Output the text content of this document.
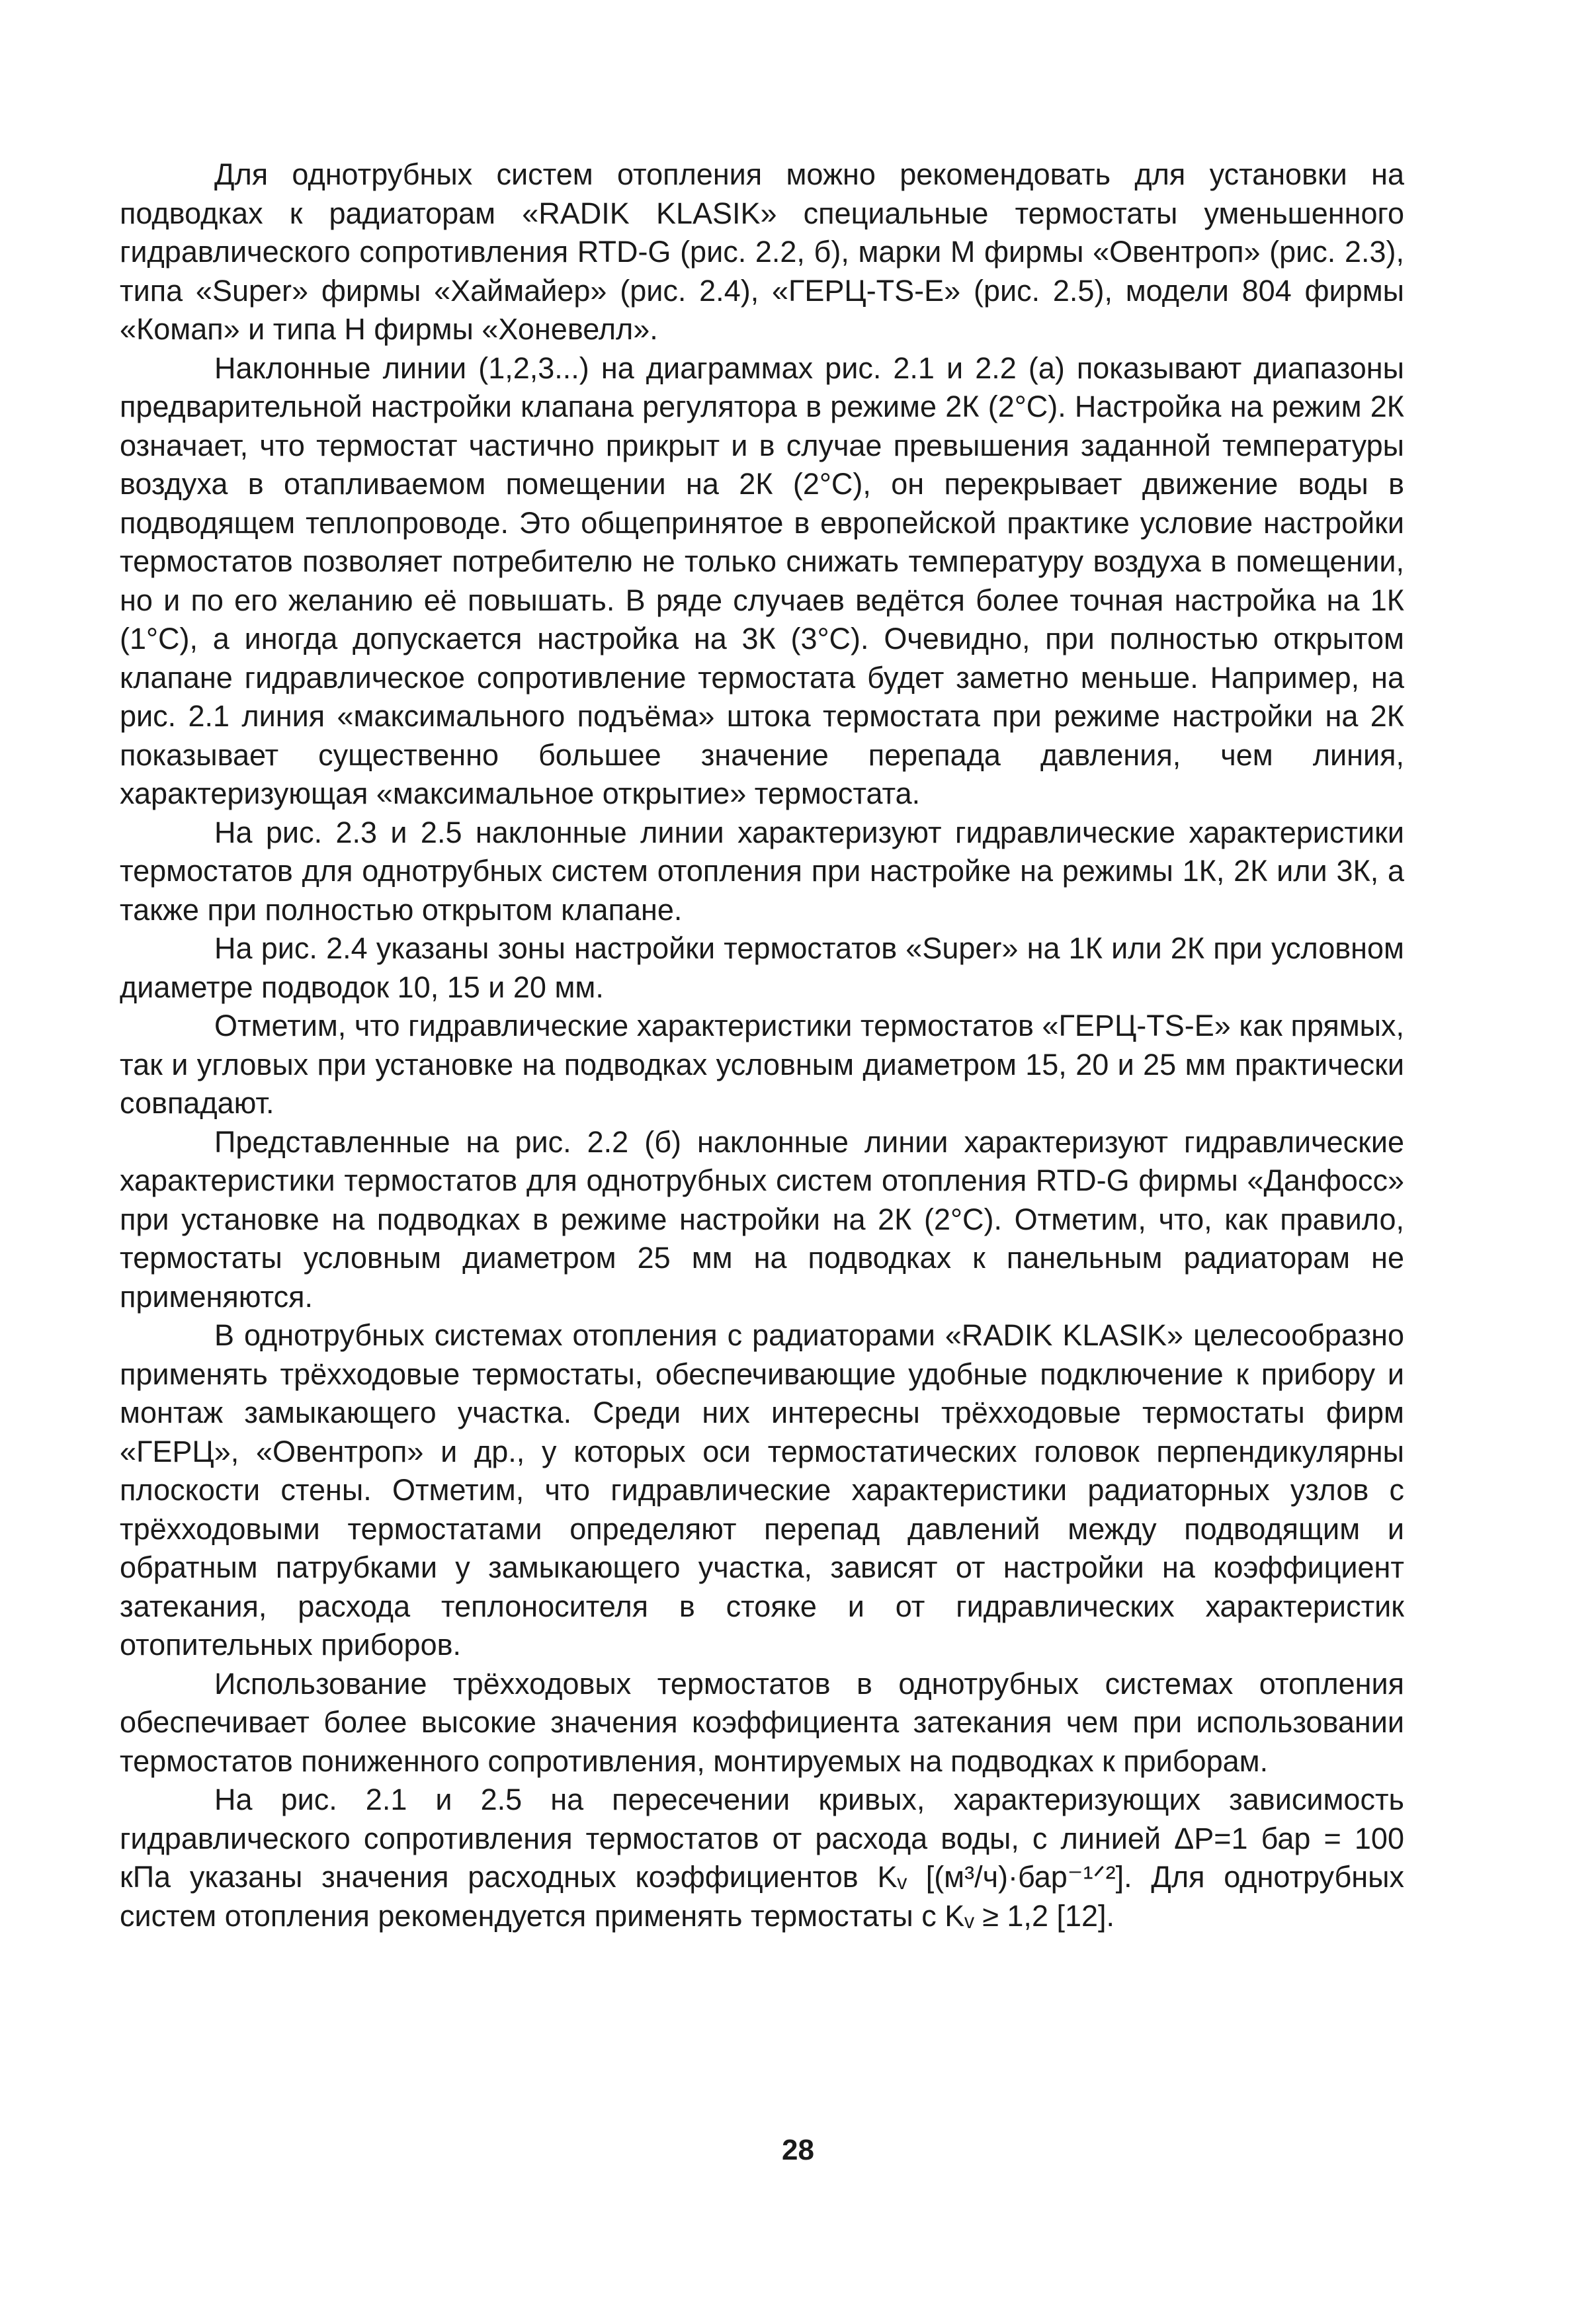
Для однотрубных систем отопления можно рекомендовать для установки на подводках к радиаторам «RADIK KLASIK» специальные термостаты уменьшенного гидравлического сопротивления RTD-G (рис. 2.2, б), марки М фирмы «Овентроп» (рис. 2.3), типа «Super» фирмы «Хаймайер» (рис. 2.4), «ГЕРЦ-TS-E» (рис. 2.5), модели 804 фирмы «Комап» и типа Н фирмы «Хоневелл».

Наклонные линии (1,2,3...) на диаграммах рис. 2.1 и 2.2 (а) показывают диапазоны предварительной настройки клапана регулятора в режиме 2К (2°С). Настройка на режим 2К означает, что термостат частично прикрыт и в случае превышения заданной температуры воздуха в отапливаемом помещении на 2К (2°С), он перекрывает движение воды в подводящем теплопроводе. Это общепринятое в европейской практике условие настройки термостатов позволяет потребителю не только снижать температуру воздуха в помещении, но и по его желанию её повышать. В ряде случаев ведётся более точная настройка на 1К (1°С), а иногда допускается настройка на 3К (3°С). Очевидно, при полностью открытом клапане гидравлическое сопротивление термостата будет заметно меньше. Например, на рис. 2.1 линия «максимального подъёма» штока термостата при режиме настройки на 2К показывает существенно большее значение перепада давления, чем линия, характеризующая «максимальное открытие» термостата.

На рис. 2.3 и 2.5 наклонные линии характеризуют гидравлические характеристики термостатов для однотрубных систем отопления при настройке на режимы 1К, 2К или 3К, а также при полностью открытом клапане.

На рис. 2.4 указаны зоны настройки термостатов «Super» на 1К или 2К при условном диаметре подводок 10, 15 и 20 мм.

Отметим, что гидравлические характеристики термостатов «ГЕРЦ-TS-E» как прямых, так и угловых при установке на подводках условным диаметром 15, 20 и 25 мм практически совпадают.

Представленные на рис. 2.2 (б) наклонные линии характеризуют гидравлические характеристики термостатов для однотрубных систем отопления RTD-G фирмы «Данфосс» при установке на подводках в режиме настройки на 2К (2°С). Отметим, что, как правило, термостаты условным диаметром 25 мм на подводках к панельным радиаторам не применяются.

В однотрубных системах отопления с радиаторами «RADIK KLASIK» целесообразно применять трёхходовые термостаты, обеспечивающие удобные подключение к прибору и монтаж замыкающего участка. Среди них интересны трёхходовые термостаты фирм «ГЕРЦ», «Овентроп» и др., у которых оси термостатических головок перпендикулярны плоскости стены. Отметим, что гидравлические характеристики радиаторных узлов с трёхходовыми термостатами определяют перепад давлений между подводящим и обратным патрубками у замыкающего участка, зависят от настройки на коэффициент затекания, расхода теплоносителя в стояке и от гидравлических характеристик отопительных приборов.

Использование трёхходовых термостатов в однотрубных системах отопления обеспечивает более высокие значения коэффициента затекания чем при использовании термостатов пониженного сопротивления, монтируемых на подводках к приборам.

На рис. 2.1 и 2.5 на пересечении кривых, характеризующих зависимость гидравлического сопротивления термостатов от расхода воды, с линией ΔР=1 бар = 100 кПа указаны значения расходных коэффициентов Kᵥ [(м³/ч)·бар⁻¹ᐟ²]. Для однотрубных систем отопления рекомендуется применять термостаты с Kᵥ ≥ 1,2 [12].

28
